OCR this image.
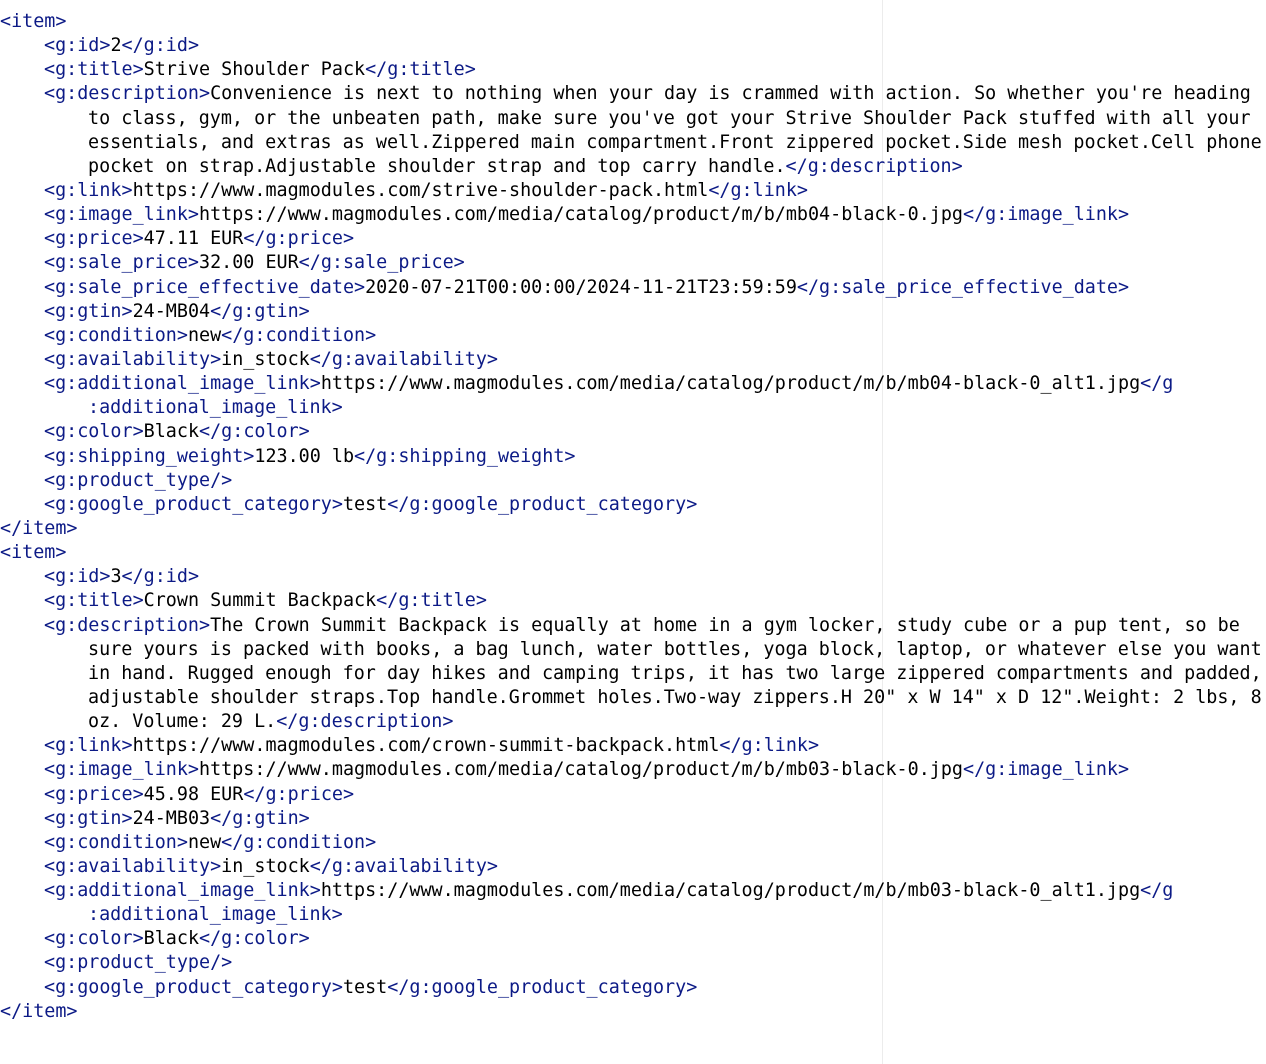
<item>
<g:id>2</g:id>
<g:title>Strive Shoulder Pack</g:title>
<g:description>Convenience is next to nothing when your day is crammed with action. So whether you're heading
to class, gym, or the unbeaten path, make sure you've got your Strive Shoulder Pack stuffed with all your
essentials, and extras as well.Zippered main compartment.Front zippered pocket.Side mesh pocket.Cell phone
pocket on strap.Adjustable shoulder strap and top carry handle.</g:description>
<g:link>https://www.magmodules.com/strive-shoulder-pack.html</g:link>
<g:image_link>https://www.magmodules.com/media/catalog/product/m/b/mb04-black-0.jpg</g:image_link>
<g:price>47.11 EUR</g:price>
<g:sale_price>32.00 EUR</g:sale_price>
<g:sale_price_effective_date>2020-07-21T00:00:00/2024-11-21T23:59:59</g:sale_price_effective_date>
<g:gtin>24-MB04</g:gtin>
<g:condition>new</g:condition>
<g:availability>in_stock</g:availability>
<g:additional_image_link>https://www.magmodules.com/media/catalog/product/m/b/mb04-black-0_alt1.jpg</g
:additional_image_link>
<g:color>Black</g:color>
<g:shipping_weight>123.00 lb</g:shipping_weight>
<g:product_type/>
<g:google_product_category>test</g:google_product_category>
</item>
<item>
<g:id>3</g:id>
<g:title>Crown Summit Backpack</g:title>
<g:description>The Crown Summit Backpack is equally at home in a gym locker, study cube or a pup tent, so be
sure yours is packed with books, a bag lunch, water bottles, yoga block, laptop, or whatever else you want
in hand. Rugged enough for day hikes and camping trips, it has two large zippered compartments and padded,
adjustable shoulder straps.Top handle.Grommet holes.Two-way zippers.H 20" x W 14" x D 12".Weight: 2 lbs, 8
oz. Volume: 29 L.</g:description>
<g:link>https://www.magmodules.com/crown-summit-backpack.html</g:link>
<g:image_link>https://www.magmodules.com/media/catalog/product/m/b/mb03-black-0.jpg</g:image_link>
<g:price>45.98 EUR</g:price>
<g:gtin>24-MB03</g:gtin>
<g:condition>new</g:condition>
<g:availability>in_stock</g:availability>
<g:additional_image_link>https://www.magmodules.com/media/catalog/product/m/b/mb03-black-0_alt1.jpg</g
:additional_image_link>
<g:color>Black</g:color>
<g:product_type/>
<g:google_product_category>test</g:google_product_category>
</item>
